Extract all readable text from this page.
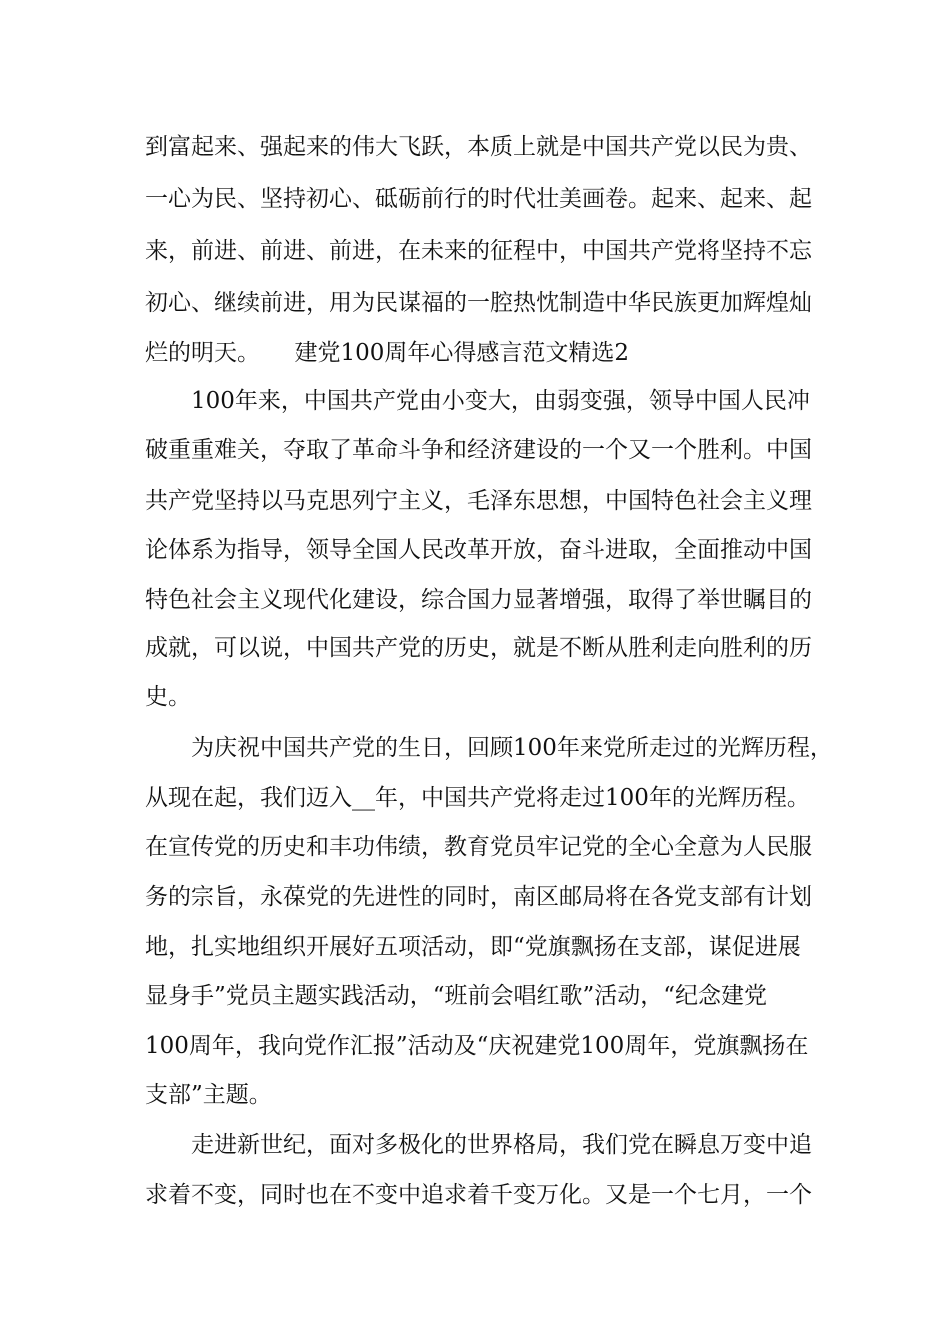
到富起来、强起来的伟大飞跃，本质上就是中国共产党以民为贵、
一心为民、坚持初心、砥砺前行的时代壮美画卷。起来、起来、起
来，前进、前进、前进，在未来的征程中，中国共产党将坚持不忘
初心、继续前进，用为民谋福的一腔热忱制造中华民族更加辉煌灿
烂的明天。　　建党100周年心得感言范文精选2
100年来，中国共产党由小变大，由弱变强，领导中国人民冲
破重重难关，夺取了革命斗争和经济建设的一个又一个胜利。中国
共产党坚持以马克思列宁主义，毛泽东思想，中国特色社会主义理
论体系为指导，领导全国人民改革开放，奋斗进取，全面推动中国
特色社会主义现代化建设，综合国力显著增强，取得了举世瞩目的
成就，可以说，中国共产党的历史，就是不断从胜利走向胜利的历
史。
为庆祝中国共产党的生日，回顾100年来党所走过的光辉历程，
从现在起，我们迈入__年，中国共产党将走过100年的光辉历程。
在宣传党的历史和丰功伟绩，教育党员牢记党的全心全意为人民服
务的宗旨，永葆党的先进性的同时，南区邮局将在各党支部有计划
地，扎实地组织开展好五项活动，即“党旗飘扬在支部，谋促进展
显身手”党员主题实践活动，“班前会唱红歌”活动，“纪念建党
100周年，我向党作汇报”活动及“庆祝建党100周年，党旗飘扬在
支部”主题。
走进新世纪，面对多极化的世界格局，我们党在瞬息万变中追
求着不变，同时也在不变中追求着千变万化。又是一个七月，一个
